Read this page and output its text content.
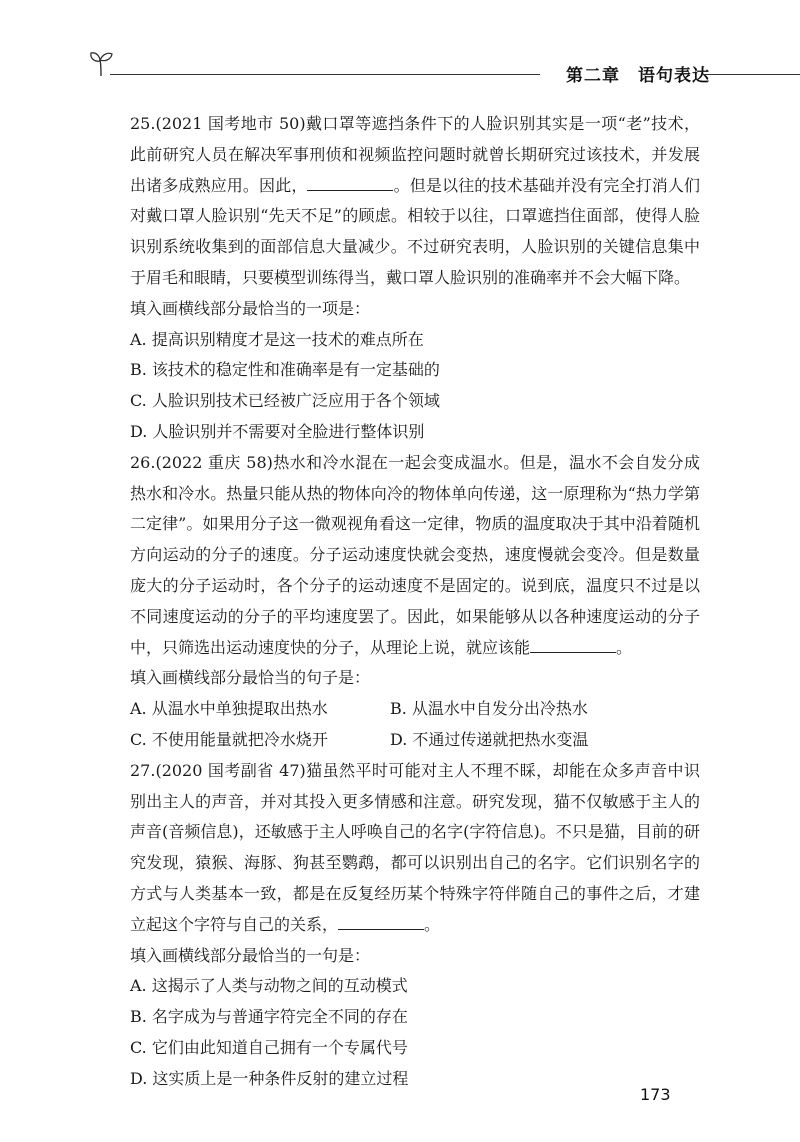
第二章　语句表达

25.(2021 国考地市 50)戴口罩等遮挡条件下的人脸识别其实是一项“老”技术，此前研究人员在解决军事刑侦和视频监控问题时就曾长期研究过该技术，并发展出诸多成熟应用。因此，	。但是以往的技术基础并没有完全打消人们对戴口罩人脸识别“先天不足”的顾虑。相较于以往，口罩遮挡住面部，使得人脸识别系统收集到的面部信息大量减少。不过研究表明，人脸识别的关键信息集中于眉毛和眼睛，只要模型训练得当，戴口罩人脸识别的准确率并不会大幅下降。

填入画横线部分最恰当的一项是：

A. 提高识别精度才是这一技术的难点所在

B. 该技术的稳定性和准确率是有一定基础的

C. 人脸识别技术已经被广泛应用于各个领域

D. 人脸识别并不需要对全脸进行整体识别

26.(2022 重庆 58)热水和冷水混在一起会变成温水。但是，温水不会自发分成热水和冷水。热量只能从热的物体向冷的物体单向传递，这一原理称为“热力学第二定律”。如果用分子这一微观视角看这一定律，物质的温度取决于其中沿着随机方向运动的分子的速度。分子运动速度快就会变热，速度慢就会变冷。但是数量庞大的分子运动时，各个分子的运动速度不是固定的。说到底，温度只不过是以不同速度运动的分子的平均速度罢了。因此，如果能够从以各种速度运动的分子中，只筛选出运动速度快的分子，从理论上说，就应该能	。

填入画横线部分最恰当的句子是：

A. 从温水中单独提取出热水	B. 从温水中自发分出冷热水

C. 不使用能量就把冷水烧开	D. 不通过传递就把热水变温

27.(2020 国考副省 47)猫虽然平时可能对主人不理不睬，却能在众多声音中识别出主人的声音，并对其投入更多情感和注意。研究发现，猫不仅敏感于主人的声音(音频信息)，还敏感于主人呼唤自己的名字(字符信息)。不只是猫，目前的研究发现，猿猴、海豚、狗甚至鹦鹉，都可以识别出自己的名字。它们识别名字的方式与人类基本一致，都是在反复经历某个特殊字符伴随自己的事件之后，才建立起这个字符与自己的关系，	。

填入画横线部分最恰当的一句是：

A. 这揭示了人类与动物之间的互动模式

B. 名字成为与普通字符完全不同的存在

C. 它们由此知道自己拥有一个专属代号

D. 这实质上是一种条件反射的建立过程

173
